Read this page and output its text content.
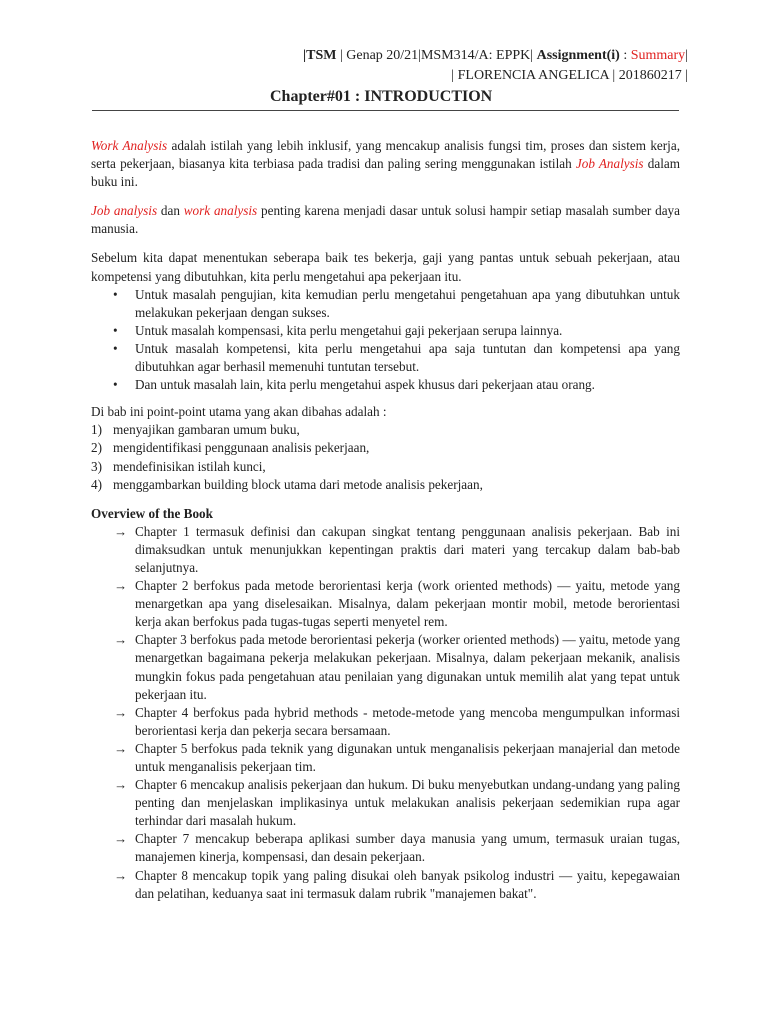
|TSM | Genap 20/21|MSM314/A: EPPK| Assignment(i) : Summary|
| FLORENCIA ANGELICA | 201860217 |
Chapter#01 : INTRODUCTION

Work Analysis adalah istilah yang lebih inklusif, yang mencakup analisis fungsi tim, proses dan sistem kerja, serta pekerjaan, biasanya kita terbiasa pada tradisi dan paling sering menggunakan istilah Job Analysis dalam buku ini.

Job analysis dan work analysis penting karena menjadi dasar untuk solusi hampir setiap masalah sumber daya manusia.

Sebelum kita dapat menentukan seberapa baik tes bekerja, gaji yang pantas untuk sebuah pekerjaan, atau kompetensi yang dibutuhkan, kita perlu mengetahui apa pekerjaan itu.

• Untuk masalah pengujian, kita kemudian perlu mengetahui pengetahuan apa yang dibutuhkan untuk melakukan pekerjaan dengan sukses.
• Untuk masalah kompensasi, kita perlu mengetahui gaji pekerjaan serupa lainnya.
• Untuk masalah kompetensi, kita perlu mengetahui apa saja tuntutan dan kompetensi apa yang dibutuhkan agar berhasil memenuhi tuntutan tersebut.
• Dan untuk masalah lain, kita perlu mengetahui aspek khusus dari pekerjaan atau orang.

Di bab ini point-point utama yang akan dibahas adalah :

1) menyajikan gambaran umum buku,
2) mengidentifikasi penggunaan analisis pekerjaan,
3) mendefinisikan istilah kunci,
4) menggambarkan building block utama dari metode analisis pekerjaan,
Overview of the Book
→ Chapter 1 termasuk definisi dan cakupan singkat tentang penggunaan analisis pekerjaan. Bab ini dimaksudkan untuk menunjukkan kepentingan praktis dari materi yang tercakup dalam bab-bab selanjutnya.
→ Chapter 2 berfokus pada metode berorientasi kerja (work oriented methods) — yaitu, metode yang menargetkan apa yang diselesaikan. Misalnya, dalam pekerjaan montir mobil, metode berorientasi kerja akan berfokus pada tugas-tugas seperti menyetel rem.
→ Chapter 3 berfokus pada metode berorientasi pekerja (worker oriented methods) — yaitu, metode yang menargetkan bagaimana pekerja melakukan pekerjaan. Misalnya, dalam pekerjaan mekanik, analisis mungkin fokus pada pengetahuan atau penilaian yang digunakan untuk memilih alat yang tepat untuk pekerjaan itu.
→ Chapter 4 berfokus pada hybrid methods - metode-metode yang mencoba mengumpulkan informasi berorientasi kerja dan pekerja secara bersamaan.
→ Chapter 5 berfokus pada teknik yang digunakan untuk menganalisis pekerjaan manajerial dan metode untuk menganalisis pekerjaan tim.
→ Chapter 6 mencakup analisis pekerjaan dan hukum. Di buku menyebutkan undang-undang yang paling penting dan menjelaskan implikasinya untuk melakukan analisis pekerjaan sedemikian rupa agar terhindar dari masalah hukum.
→ Chapter 7 mencakup beberapa aplikasi sumber daya manusia yang umum, termasuk uraian tugas, manajemen kinerja, kompensasi, dan desain pekerjaan.
→ Chapter 8 mencakup topik yang paling disukai oleh banyak psikolog industri — yaitu, kepegawaian dan pelatihan, keduanya saat ini termasuk dalam rubrik "manajemen bakat".
